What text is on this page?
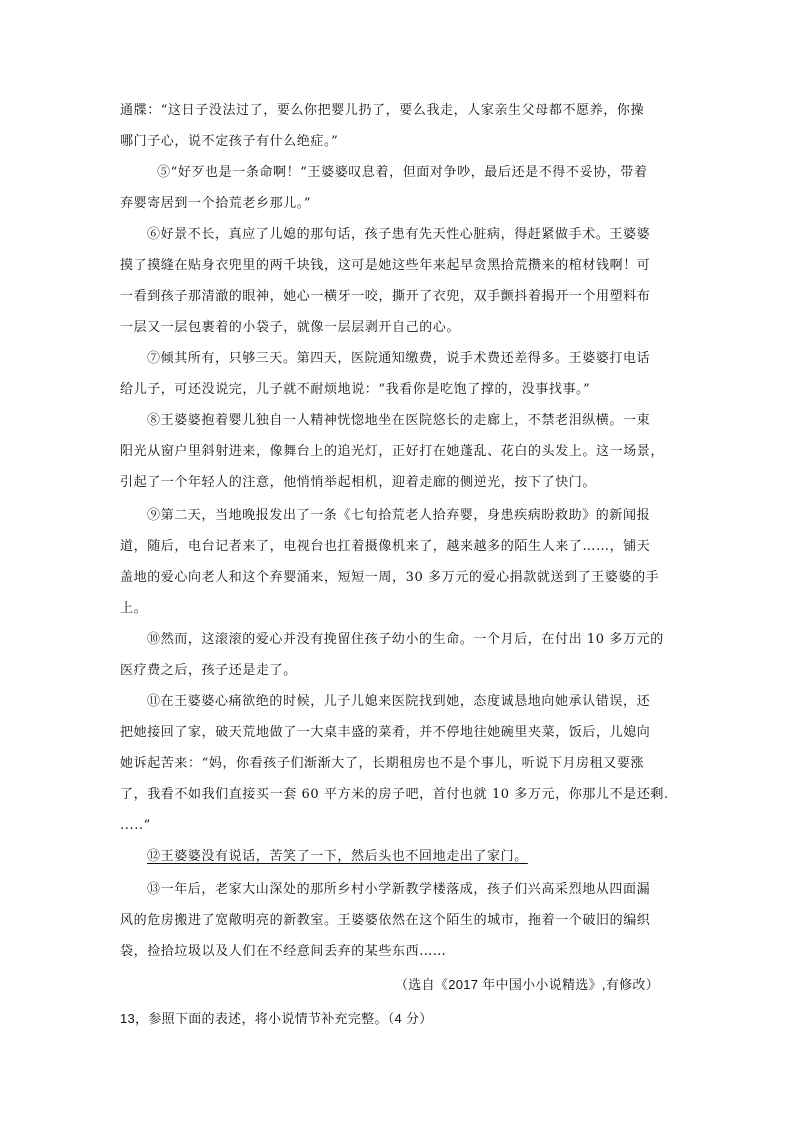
通牒：“这日子没法过了，要么你把婴儿扔了，要么我走，人家亲生父母都不愿养，你操
哪门子心，说不定孩子有什么绝症。”
⑤“好歹也是一条命啊！”王婆婆叹息着，但面对争吵，最后还是不得不妥协，带着
弃婴寄居到一个拾荒老乡那儿。”
⑥好景不长，真应了儿媳的那句话，孩子患有先天性心脏病，得赶紧做手术。王婆婆
摸了摸缝在贴身衣兜里的两千块钱，这可是她这些年来起早贪黑拾荒攒来的棺材钱啊！可
一看到孩子那清澈的眼神，她心一横牙一咬，撕开了衣兜，双手颤抖着揭开一个用塑料布
一层又一层包裹着的小袋子，就像一层层剥开自己的心。
⑦倾其所有，只够三天。第四天，医院通知缴费，说手术费还差得多。王婆婆打电话
给儿子，可还没说完，儿子就不耐烦地说：“我看你是吃饱了撑的，没事找事。”
⑧王婆婆抱着婴儿独自一人精神恍惚地坐在医院悠长的走廊上，不禁老泪纵横。一束
阳光从窗户里斜射进来，像舞台上的追光灯，正好打在她蓬乱、花白的头发上。这一场景，
引起了一个年轻人的注意，他悄悄举起相机，迎着走廊的侧逆光，按下了快门。
⑨第二天，当地晚报发出了一条《七旬拾荒老人拾弃婴，身患疾病盼救助》的新闻报
道，随后，电台记者来了，电视台也扛着摄像机来了，越来越多的陌生人来了……，铺天
盖地的爱心向老人和这个弃婴涌来，短短一周，30 多万元的爱心捐款就送到了王婆婆的手
上。
⑩然而，这滚滚的爱心并没有挽留住孩子幼小的生命。一个月后，在付出 10 多万元的
医疗费之后，孩子还是走了。
⑪在王婆婆心痛欲绝的时候，儿子儿媳来医院找到她，态度诚恳地向她承认错误，还
把她接回了家，破天荒地做了一大桌丰盛的菜肴，并不停地往她碗里夹菜，饭后，儿媳向
她诉起苦来：“妈，你看孩子们渐渐大了，长期租房也不是个事儿，听说下月房租又要涨
了，我看不如我们直接买一套 60 平方米的房子吧，首付也就 10 多万元，你那儿不是还剩.
.....”
⑫王婆婆没有说话，苦笑了一下，然后头也不回地走出了家门。
⑬一年后，老家大山深处的那所乡村小学新教学楼落成，孩子们兴高采烈地从四面漏
风的危房搬进了宽敞明亮的新教室。王婆婆依然在这个陌生的城市，拖着一个破旧的编织
袋，捡拾垃圾以及人们在不经意间丢弃的某些东西……
（选自《2017 年中国小小说精选》,有修改）
13，参照下面的表述，将小说情节补充完整。（4 分）
